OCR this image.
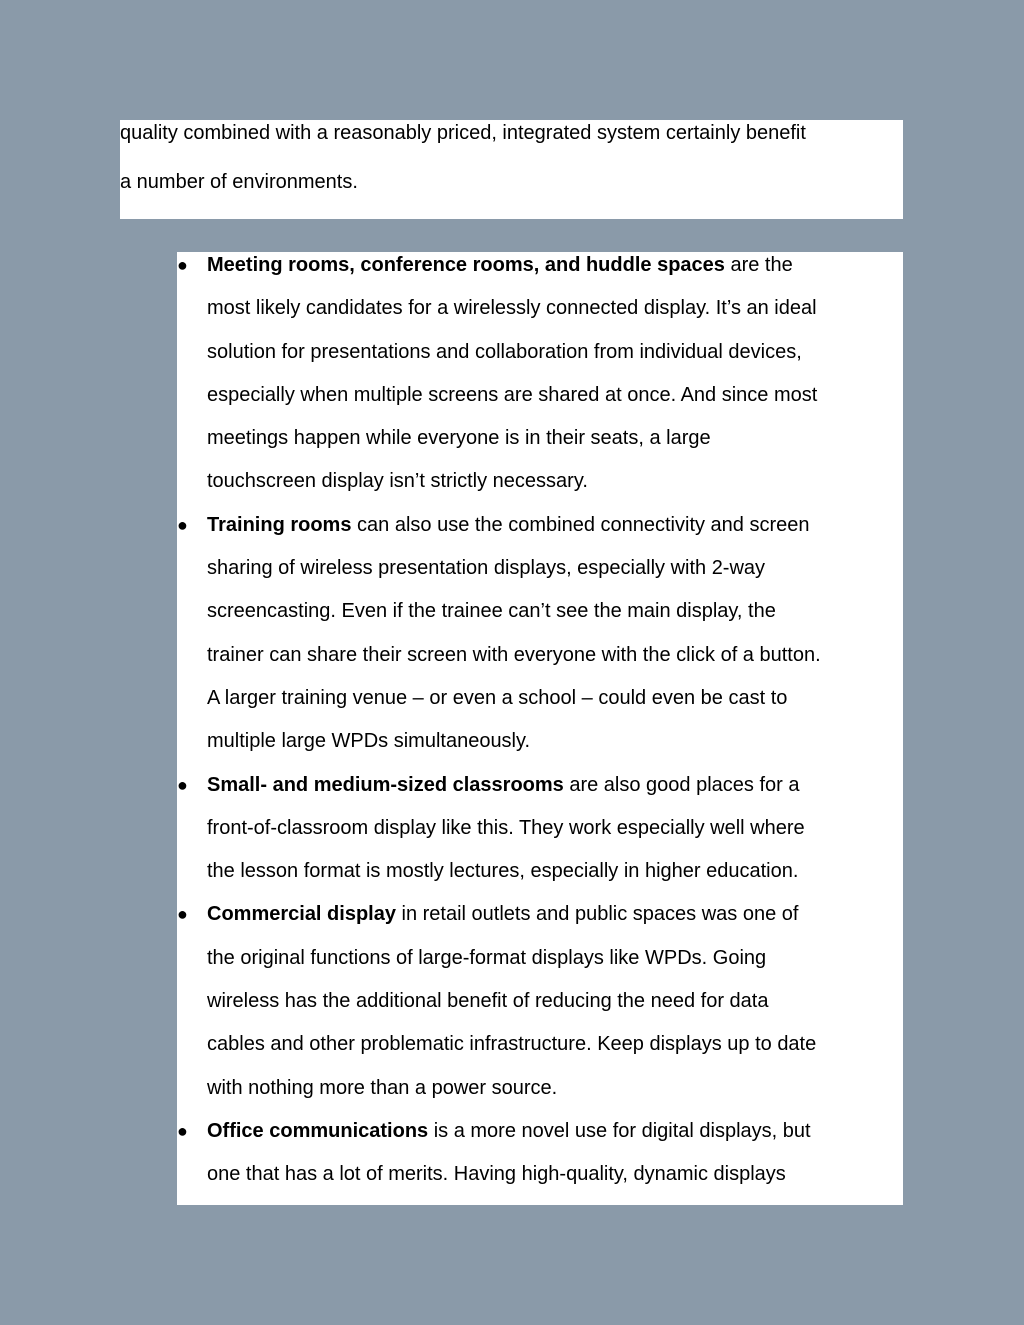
quality combined with a reasonably priced, integrated system certainly benefit
a number of environments.

● Meeting rooms, conference rooms, and huddle spaces are the
most likely candidates for a wirelessly connected display. It’s an ideal
solution for presentations and collaboration from individual devices,
especially when multiple screens are shared at once. And since most
meetings happen while everyone is in their seats, a large
touchscreen display isn’t strictly necessary.
● Training rooms can also use the combined connectivity and screen
sharing of wireless presentation displays, especially with 2-way
screencasting. Even if the trainee can’t see the main display, the
trainer can share their screen with everyone with the click of a button.
A larger training venue – or even a school – could even be cast to
multiple large WPDs simultaneously.
● Small- and medium-sized classrooms are also good places for a
front-of-classroom display like this. They work especially well where
the lesson format is mostly lectures, especially in higher education.
● Commercial display in retail outlets and public spaces was one of
the original functions of large-format displays like WPDs. Going
wireless has the additional benefit of reducing the need for data
cables and other problematic infrastructure. Keep displays up to date
with nothing more than a power source.
● Office communications is a more novel use for digital displays, but
one that has a lot of merits. Having high-quality, dynamic displays
